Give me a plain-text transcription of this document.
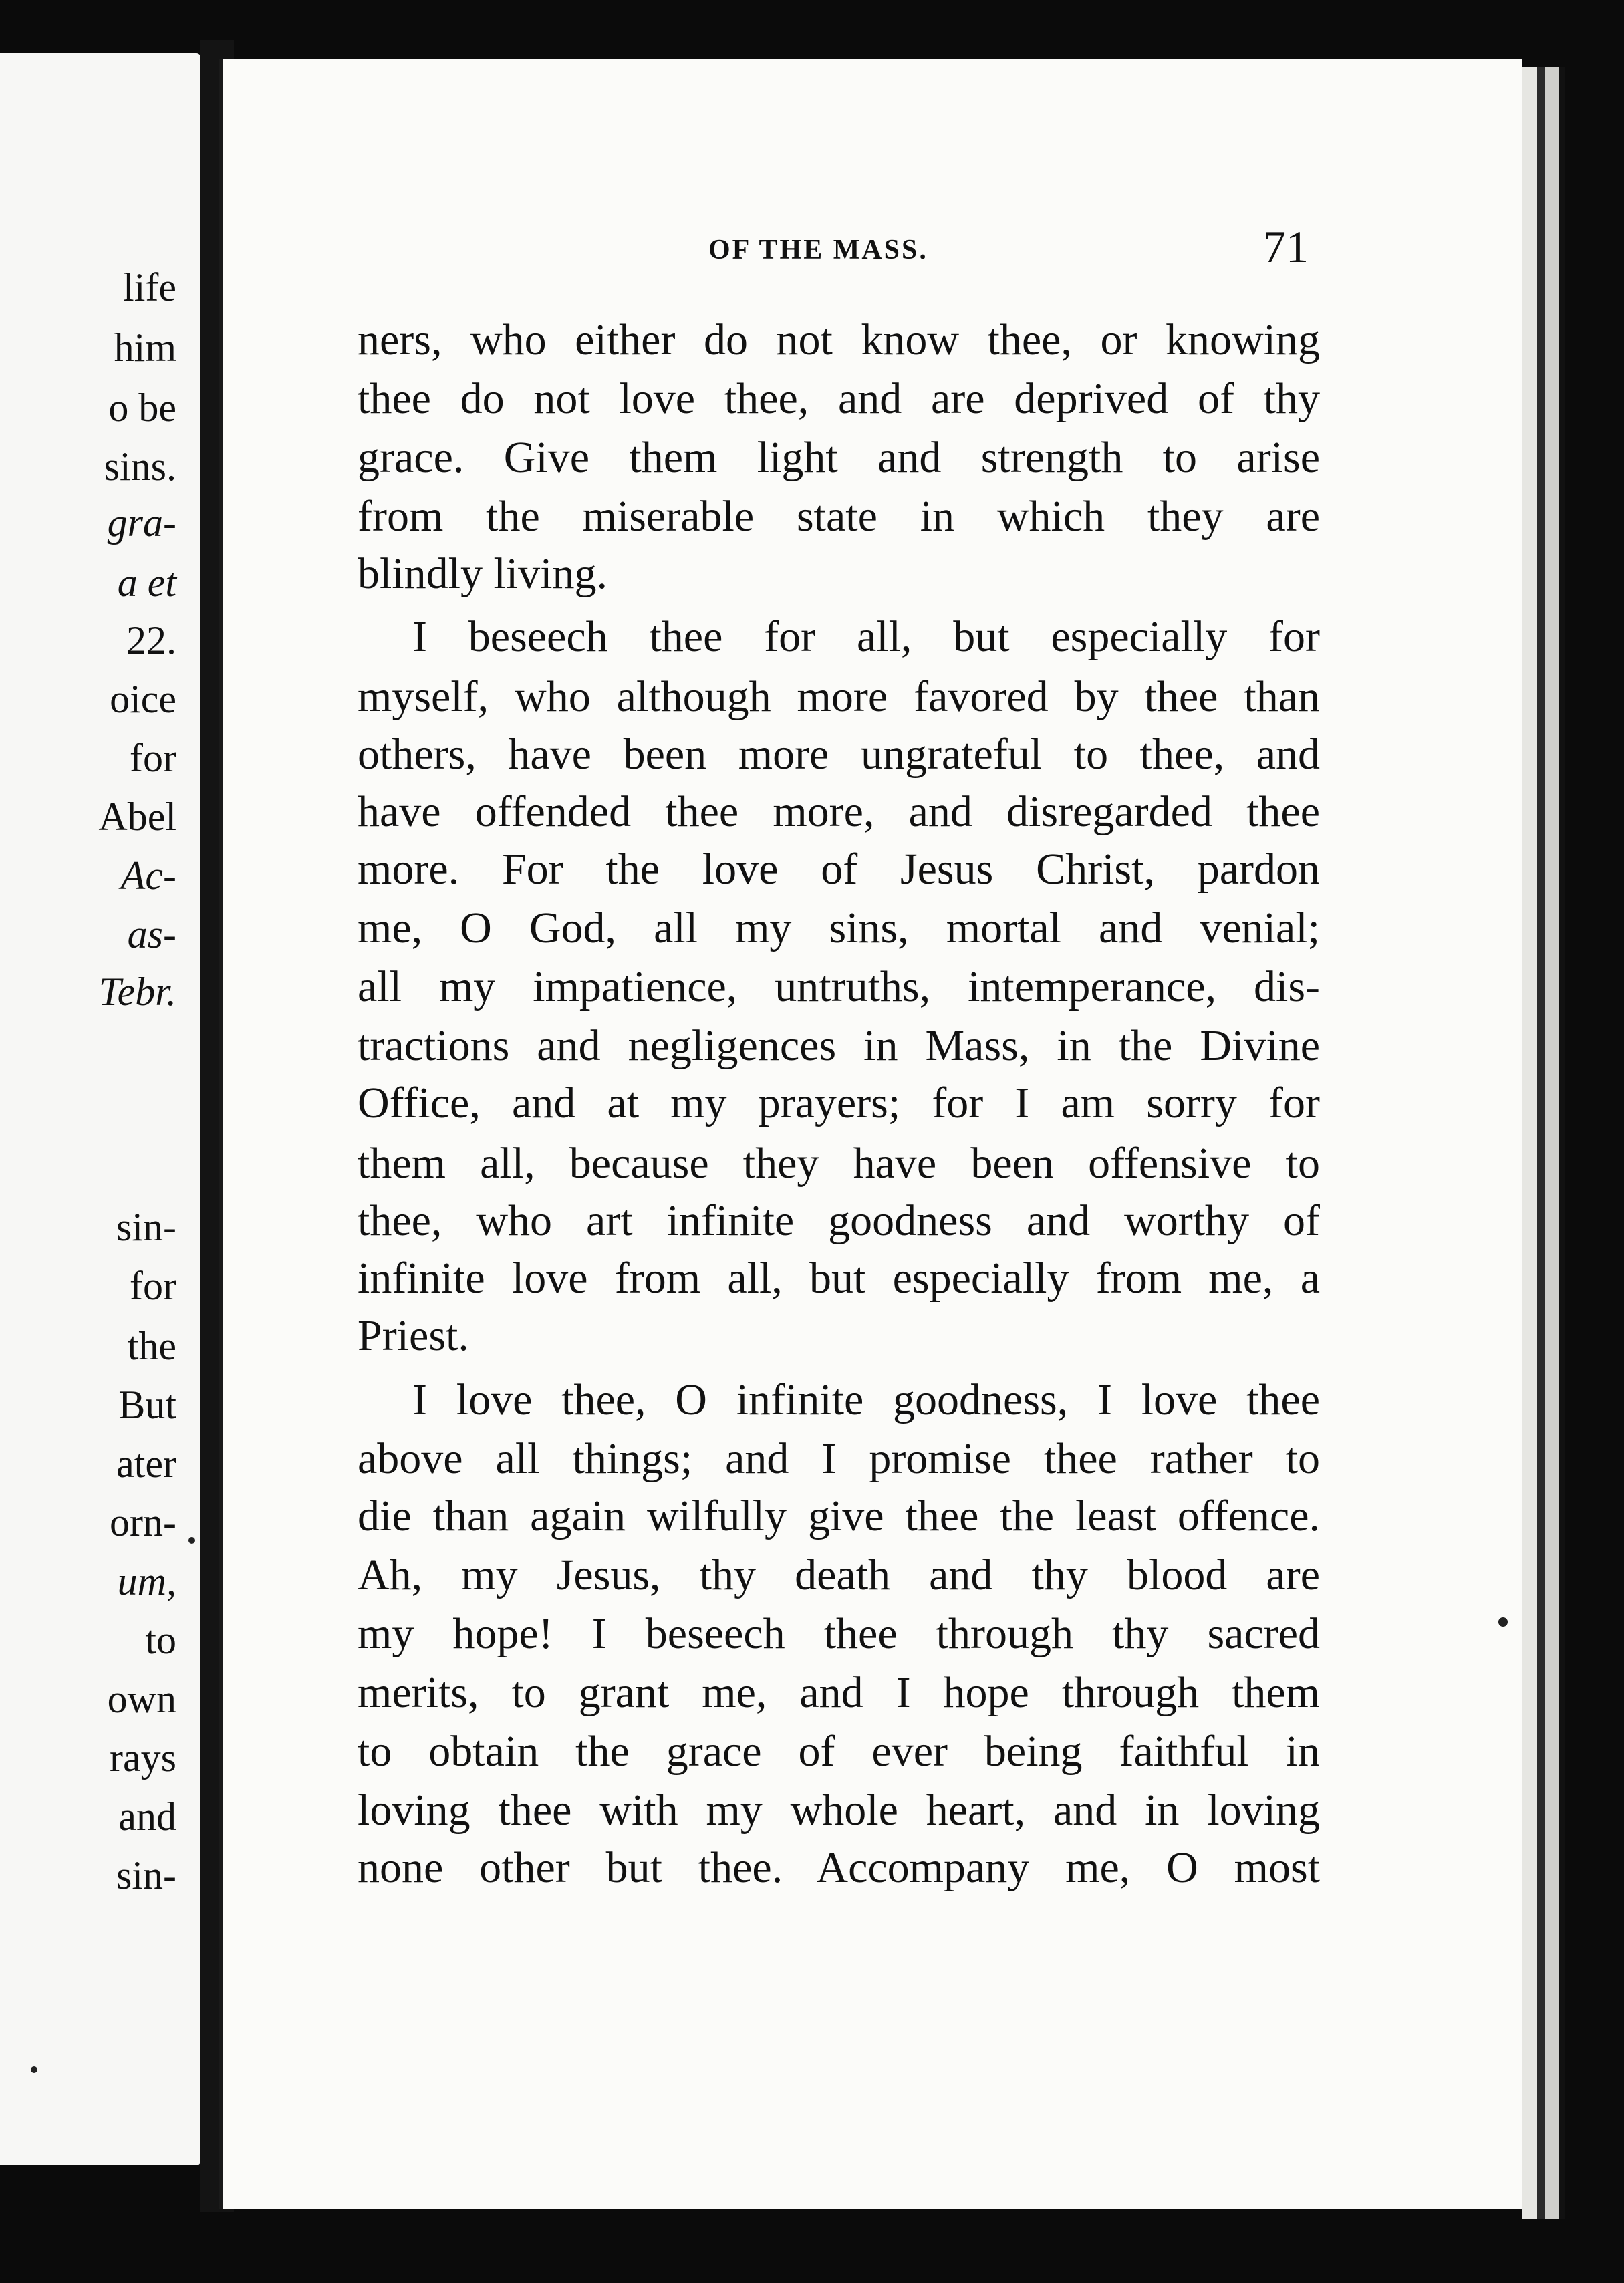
life
him
o be
sins.
gra-
a et
22.
oice
for
Abel
Ac-
as-
Tebr.
sin-
for
the
But
ater
orn-
um,
to
own
rays
and
sin-
OF THE MASS.	71
ners, who either do not know thee, or knowing
thee do not love thee, and are deprived of thy
grace. Give them light and strength to arise
from the miserable state in which they are
blindly living.
I beseech thee for all, but especially for
myself, who although more favored by thee than
others, have been more ungrateful to thee, and
have offended thee more, and disregarded thee
more. For the love of Jesus Christ, pardon
me, O God, all my sins, mortal and venial;
all my impatience, untruths, intemperance, dis-
tractions and negligences in Mass, in the Divine
Office, and at my prayers; for I am sorry for
them all, because they have been offensive to
thee, who art infinite goodness and worthy of
infinite love from all, but especially from me, a
Priest.
I love thee, O infinite goodness, I love thee
above all things; and I promise thee rather to
die than again wilfully give thee the least offence.
Ah, my Jesus, thy death and thy blood are
my hope! I beseech thee through thy sacred
merits, to grant me, and I hope through them
to obtain the grace of ever being faithful in
loving thee with my whole heart, and in loving
none other but thee. Accompany me, O most
